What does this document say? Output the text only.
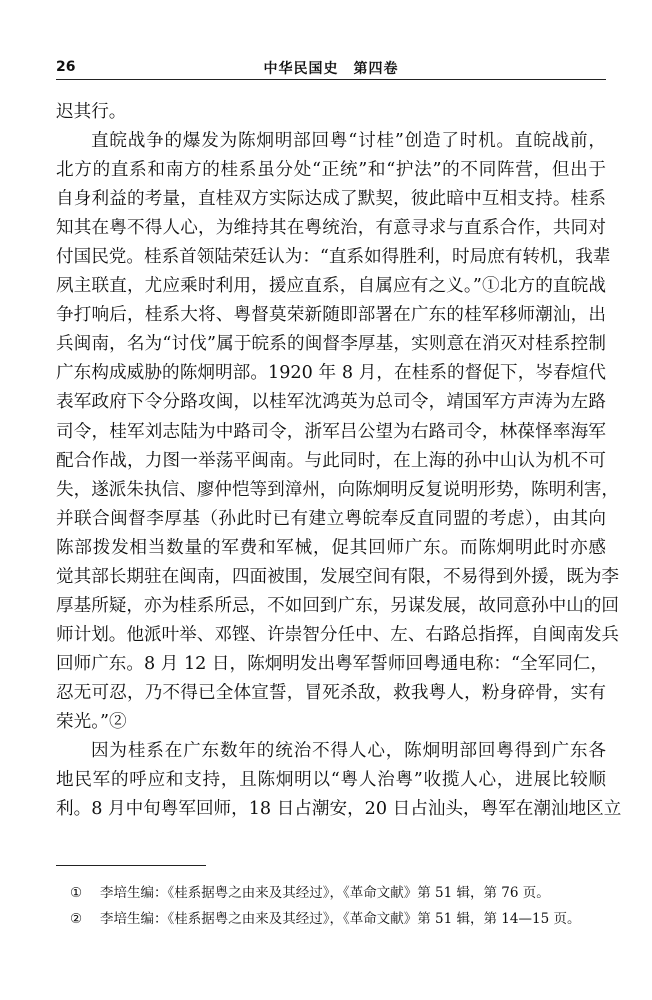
26	中华民国史　第四卷
迟其行。
直皖战争的爆发为陈炯明部回粤“讨桂”创造了时机。直皖战前，
北方的直系和南方的桂系虽分处“正统”和“护法”的不同阵营，但出于
自身利益的考量，直桂双方实际达成了默契，彼此暗中互相支持。桂系
知其在粤不得人心，为维持其在粤统治，有意寻求与直系合作，共同对
付国民党。桂系首领陆荣廷认为：“直系如得胜利，时局庶有转机，我辈
夙主联直，尤应乘时利用，援应直系，自属应有之义。”①北方的直皖战
争打响后，桂系大将、粤督莫荣新随即部署在广东的桂军移师潮汕，出
兵闽南，名为“讨伐”属于皖系的闽督李厚基，实则意在消灭对桂系控制
广东构成威胁的陈炯明部。1920 年 8 月，在桂系的督促下，岑春煊代
表军政府下令分路攻闽，以桂军沈鸿英为总司令，靖国军方声涛为左路
司令，桂军刘志陆为中路司令，浙军吕公望为右路司令，林葆怿率海军
配合作战，力图一举荡平闽南。与此同时，在上海的孙中山认为机不可
失，遂派朱执信、廖仲恺等到漳州，向陈炯明反复说明形势，陈明利害，
并联合闽督李厚基（孙此时已有建立粤皖奉反直同盟的考虑），由其向
陈部拨发相当数量的军费和军械，促其回师广东。而陈炯明此时亦感
觉其部长期驻在闽南，四面被围，发展空间有限，不易得到外援，既为李
厚基所疑，亦为桂系所忌，不如回到广东，另谋发展，故同意孙中山的回
师计划。他派叶举、邓铿、许崇智分任中、左、右路总指挥，自闽南发兵
回师广东。8 月 12 日，陈炯明发出粤军誓师回粤通电称：“全军同仁，
忍无可忍，乃不得已全体宣誓，冒死杀敌，救我粤人，粉身碎骨，实有
荣光。”②
因为桂系在广东数年的统治不得人心，陈炯明部回粤得到广东各
地民军的呼应和支持，且陈炯明以“粤人治粤”收揽人心，进展比较顺
利。8 月中旬粤军回师，18 日占潮安，20 日占汕头，粤军在潮汕地区立
① 李培生编：《桂系据粤之由来及其经过》，《革命文献》第 51 辑，第 76 页。
② 李培生编：《桂系据粤之由来及其经过》，《革命文献》第 51 辑，第 14—15 页。
